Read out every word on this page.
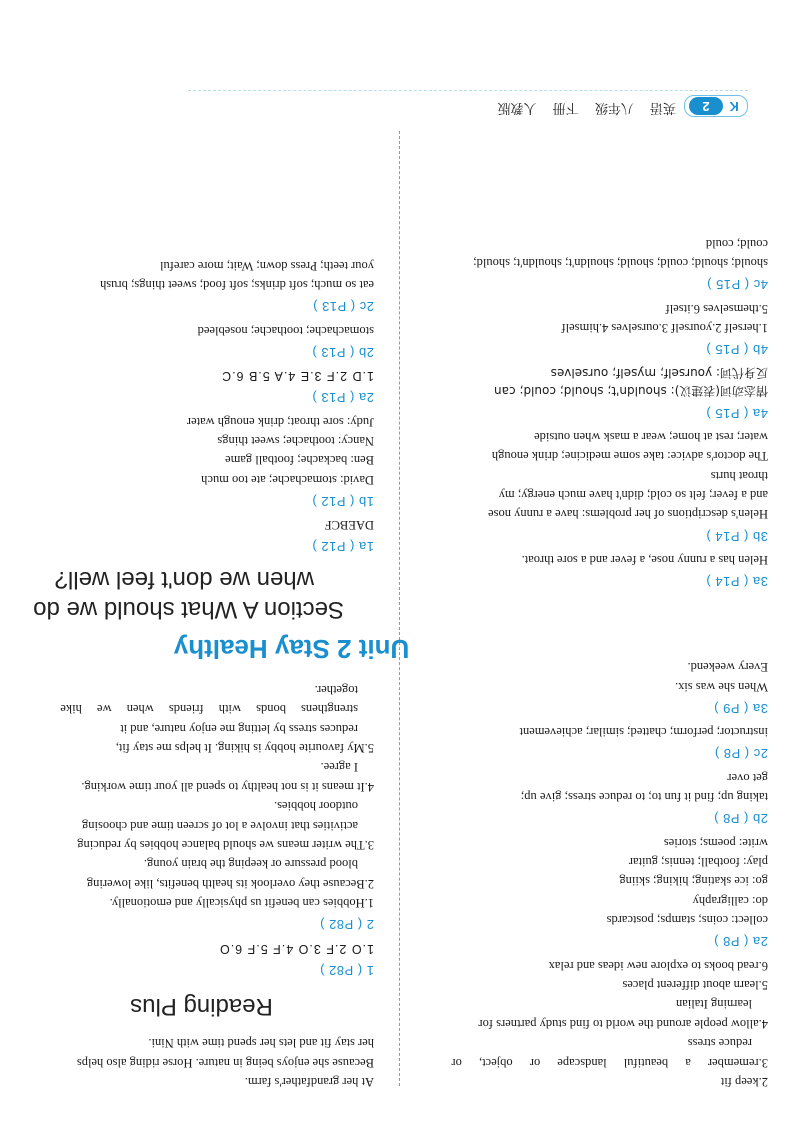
K
2
英语 八年级 下册 人教版

2.keep fit

3.remember a beautiful landscape or object, or

reduce stress

4.allow people around the world to find study partners for

learning Italian

5.learn about different places

6.read books to explore new ideas and relax

2a ( P8 )

collect: coins; stamps; postcards

do: calligraphy

go: ice skating; hiking; skiing

play: football; tennis; guitar

write: poems; stories

2b ( P8 )

taking up; find it fun to; to reduce stress; give up;

get over

2c ( P8 )

instructor; perform; chatted; similar; achievement

3a ( P9 )

When she was six.

Every weekend.

3a ( P14 )

Helen has a runny nose, a fever and a sore throat.

3b ( P14 )

Helen's descriptions of her problems: have a runny nose

and a fever; felt so cold; didn't have much energy; my

throat hurts

The doctor's advice: take some medicine; drink enough

water; rest at home; wear a mask when outside

4a ( P15 )

情态动词(表建议): shouldn't; should; could; can

反身代词: yourself; myself; ourselves

4b ( P15 )

1.herself 2.yourself 3.ourselves 4.himself

5.themselves 6.itself

4c ( P15 )

should; should; could; should; shouldn't; shouldn't; should;

could; could

At her grandfather's farm.

Because she enjoys being in nature. Horse riding also helps

her stay fit and lets her spend time with Nini.

Reading Plus
1 ( P82 )

1.O 2.F 3.O 4.F 5.F 6.O

2 ( P82 )

1.Hobbies can benefit us physically and emotionally.

2.Because they overlook its health benefits, like lowering

blood pressure or keeping the brain young.

3.The writer means we should balance hobbies by reducing

activities that involve a lot of screen time and choosing

outdoor hobbies.

4.It means it is not healthy to spend all your time working.

I agree.

5.My favourite hobby is hiking. It helps me stay fit,

reduces stress by letting me enjoy nature, and it

strengthens bonds with friends when we hike

together.

Unit 2 Stay Healthy
Section A What should we do
when we don't feel well?
1a ( P12 )

DAEBCF

1b ( P12 )

David: stomachache; ate too much

Ben: backache; football game

Nancy: toothache; sweet things

Judy: sore throat; drink enough water

2a ( P13 )

1.D 2.F 3.E 4.A 5.B 6.C

2b ( P13 )

stomachache; toothache; nosebleed

2c ( P13 )

eat so much; soft drinks; soft food; sweet things; brush

your teeth; Press down; Wait; more careful
